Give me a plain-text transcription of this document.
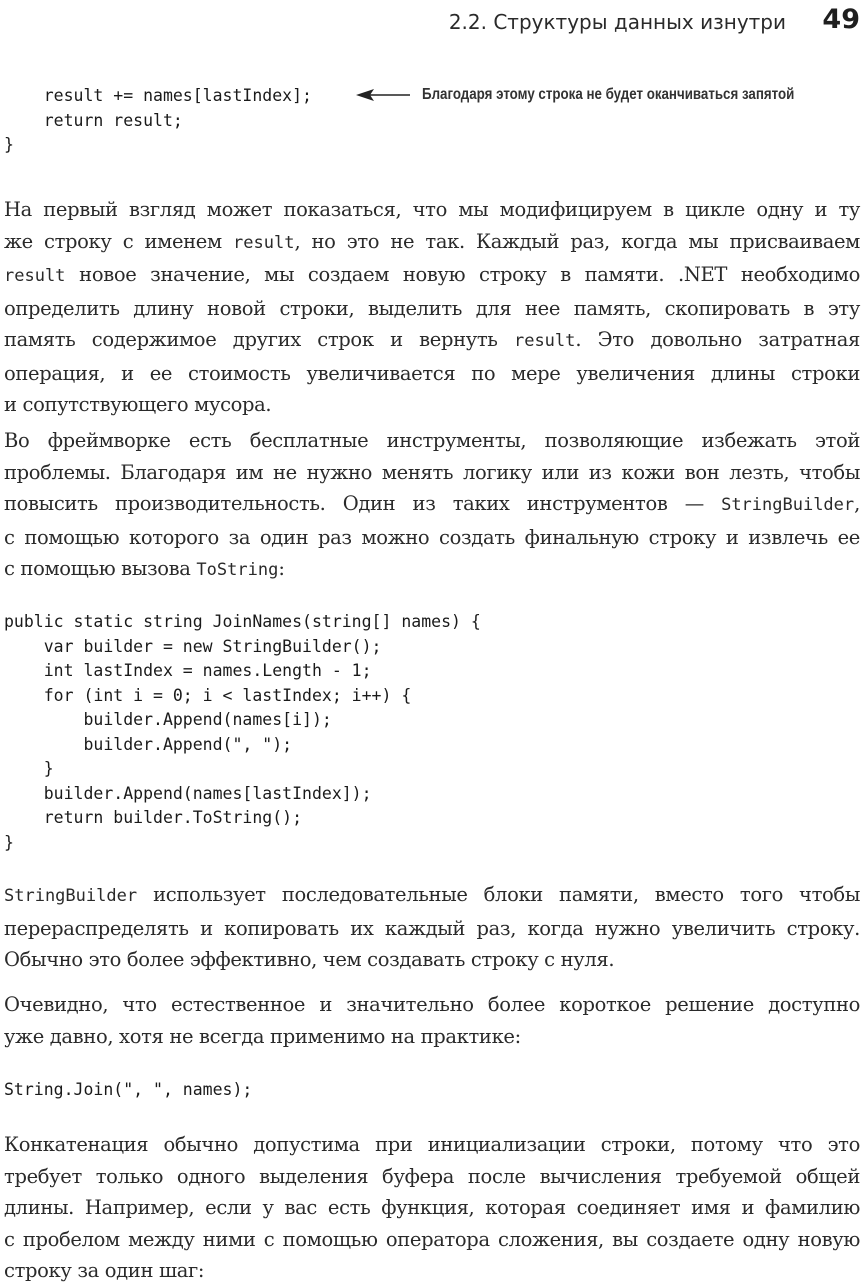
2.2. Структуры данных изнутри 49
result += names[lastIndex];
return result;
}
Благодаря этому строка не будет оканчиваться запятой
На первый взгляд может показаться, что мы модифицируем в цикле одну и ту
же строку с именем result, но это не так. Каждый раз, когда мы присваиваем
result новое значение, мы создаем новую строку в памяти. .NET необходимо
определить длину новой строки, выделить для нее память, скопировать в эту
память содержимое других строк и вернуть result. Это довольно затратная
операция, и ее стоимость увеличивается по мере увеличения длины строки
и сопутствующего мусора.
Во фреймворке есть бесплатные инструменты, позволяющие избежать этой
проблемы. Благодаря им не нужно менять логику или из кожи вон лезть, чтобы
повысить производительность. Один из таких инструментов — StringBuilder,
с помощью которого за один раз можно создать финальную строку и извлечь ее
с помощью вызова ToString:
public static string JoinNames(string[] names) {
var builder = new StringBuilder();
int lastIndex = names.Length - 1;
for (int i = 0; i < lastIndex; i++) {
builder.Append(names[i]);
builder.Append(", ");
}
builder.Append(names[lastIndex]);
return builder.ToString();
}
StringBuilder использует последовательные блоки памяти, вместо того чтобы
перераспределять и копировать их каждый раз, когда нужно увеличить строку.
Обычно это более эффективно, чем создавать строку с нуля.
Очевидно, что естественное и значительно более короткое решение доступно
уже давно, хотя не всегда применимо на практике:
String.Join(", ", names);
Конкатенация обычно допустима при инициализации строки, потому что это
требует только одного выделения буфера после вычисления требуемой общей
длины. Например, если у вас есть функция, которая соединяет имя и фамилию
с пробелом между ними с помощью оператора сложения, вы создаете одну новую
строку за один шаг:
